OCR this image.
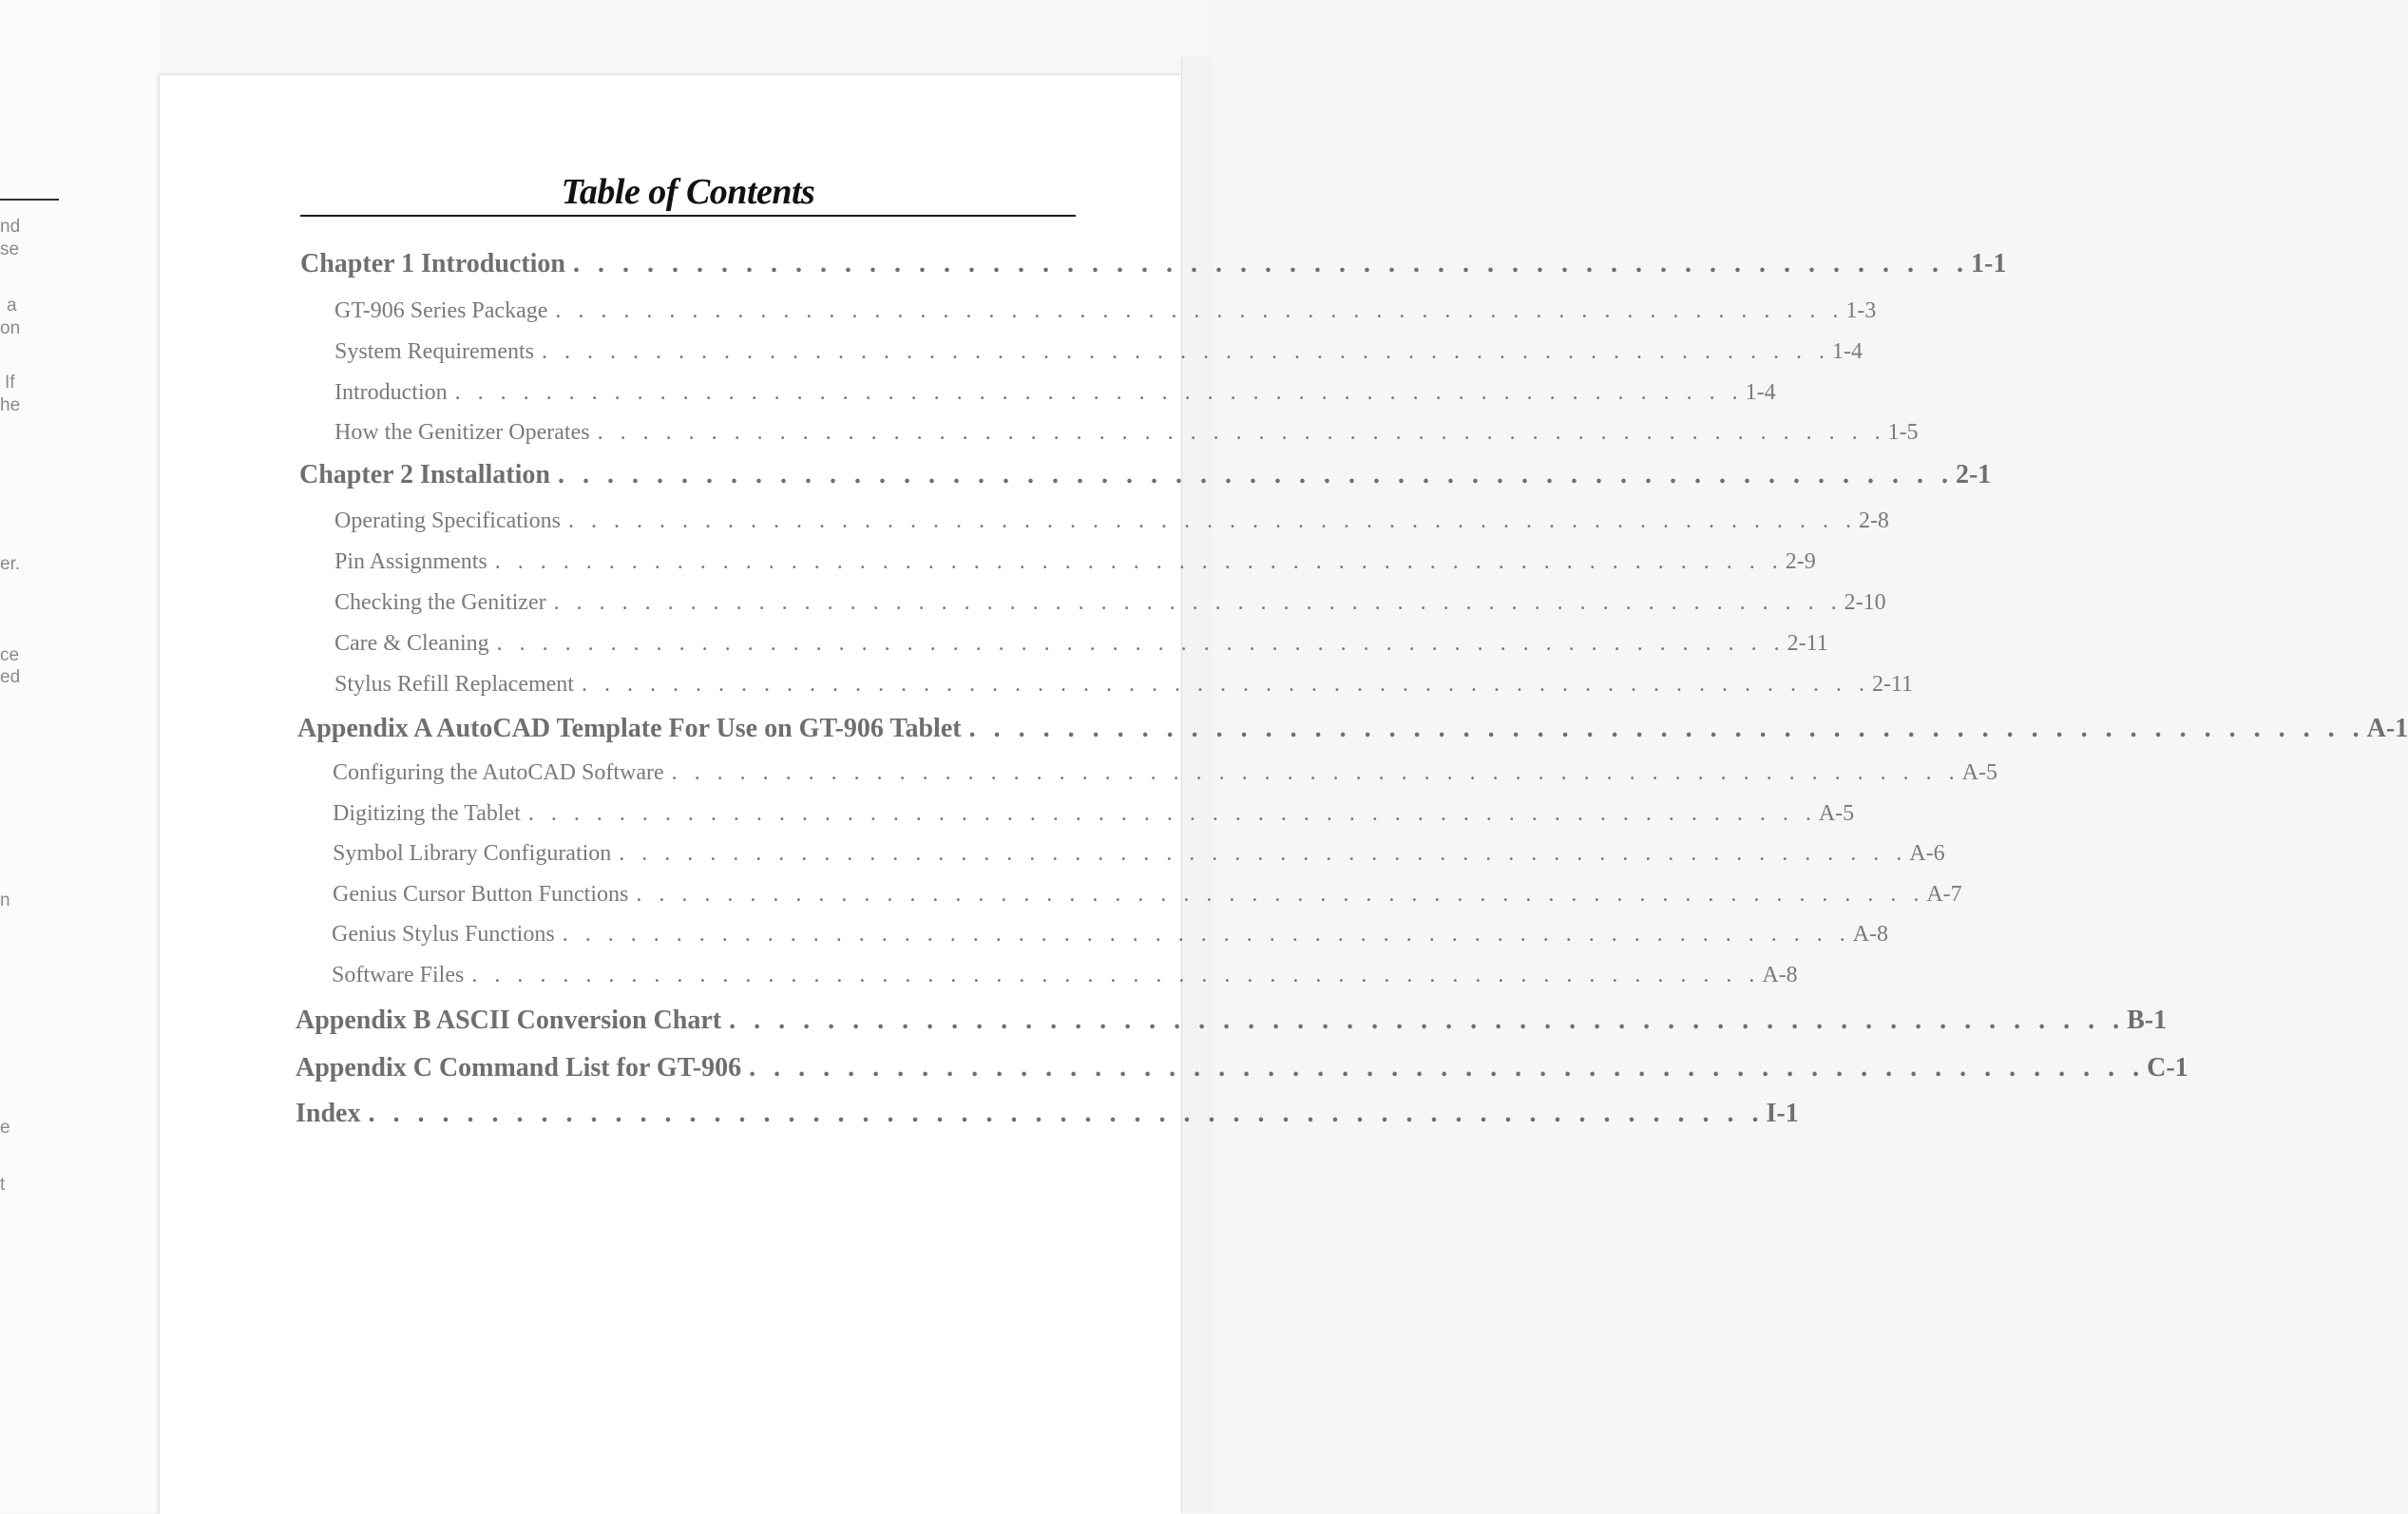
nd
se
a
on
If
he
er.
ce
ed
n
e
t
Table of Contents
Chapter 1 Introduction . . . . . . . . . . . . . . . . . . . . . . . . . . . . . . . . . . . . . . . . . . . . . . . . . . . . . . . . . 1-1
GT-906 Series Package . . . . . . . . . . . . . . . . . . . . . . . . . . . . . . . . . . . . . . . . . . . . . . . . . . . . . . . . . 1-3
System Requirements . . . . . . . . . . . . . . . . . . . . . . . . . . . . . . . . . . . . . . . . . . . . . . . . . . . . . . . . . 1-4
Introduction . . . . . . . . . . . . . . . . . . . . . . . . . . . . . . . . . . . . . . . . . . . . . . . . . . . . . . . . . 1-4
How the Genitizer Operates . . . . . . . . . . . . . . . . . . . . . . . . . . . . . . . . . . . . . . . . . . . . . . . . . . . . . . . . . 1-5
Chapter 2 Installation . . . . . . . . . . . . . . . . . . . . . . . . . . . . . . . . . . . . . . . . . . . . . . . . . . . . . . . . . 2-1
Operating Specifications . . . . . . . . . . . . . . . . . . . . . . . . . . . . . . . . . . . . . . . . . . . . . . . . . . . . . . . . . 2-8
Pin Assignments . . . . . . . . . . . . . . . . . . . . . . . . . . . . . . . . . . . . . . . . . . . . . . . . . . . . . . . . . 2-9
Checking the Genitizer . . . . . . . . . . . . . . . . . . . . . . . . . . . . . . . . . . . . . . . . . . . . . . . . . . . . . . . . . 2-10
Care & Cleaning . . . . . . . . . . . . . . . . . . . . . . . . . . . . . . . . . . . . . . . . . . . . . . . . . . . . . . . . . 2-11
Stylus Refill Replacement . . . . . . . . . . . . . . . . . . . . . . . . . . . . . . . . . . . . . . . . . . . . . . . . . . . . . . . . . 2-11
Appendix A AutoCAD Template For Use on GT-906 Tablet . . . . . . . . . . . . . . . . . . . . . . . . . . . . . . . . . . . . . . . . . . . . . . . . . . . . . . . . . A-1
Configuring the AutoCAD Software . . . . . . . . . . . . . . . . . . . . . . . . . . . . . . . . . . . . . . . . . . . . . . . . . . . . . . . . . A-5
Digitizing the Tablet . . . . . . . . . . . . . . . . . . . . . . . . . . . . . . . . . . . . . . . . . . . . . . . . . . . . . . . . . A-5
Symbol Library Configuration . . . . . . . . . . . . . . . . . . . . . . . . . . . . . . . . . . . . . . . . . . . . . . . . . . . . . . . . . A-6
Genius Cursor Button Functions . . . . . . . . . . . . . . . . . . . . . . . . . . . . . . . . . . . . . . . . . . . . . . . . . . . . . . . . . A-7
Genius Stylus Functions . . . . . . . . . . . . . . . . . . . . . . . . . . . . . . . . . . . . . . . . . . . . . . . . . . . . . . . . . A-8
Software Files . . . . . . . . . . . . . . . . . . . . . . . . . . . . . . . . . . . . . . . . . . . . . . . . . . . . . . . . . A-8
Appendix B ASCII Conversion Chart . . . . . . . . . . . . . . . . . . . . . . . . . . . . . . . . . . . . . . . . . . . . . . . . . . . . . . . . . B-1
Appendix C Command List for GT-906 . . . . . . . . . . . . . . . . . . . . . . . . . . . . . . . . . . . . . . . . . . . . . . . . . . . . . . . . . C-1
Index . . . . . . . . . . . . . . . . . . . . . . . . . . . . . . . . . . . . . . . . . . . . . . . . . . . . . . . . . I-1
